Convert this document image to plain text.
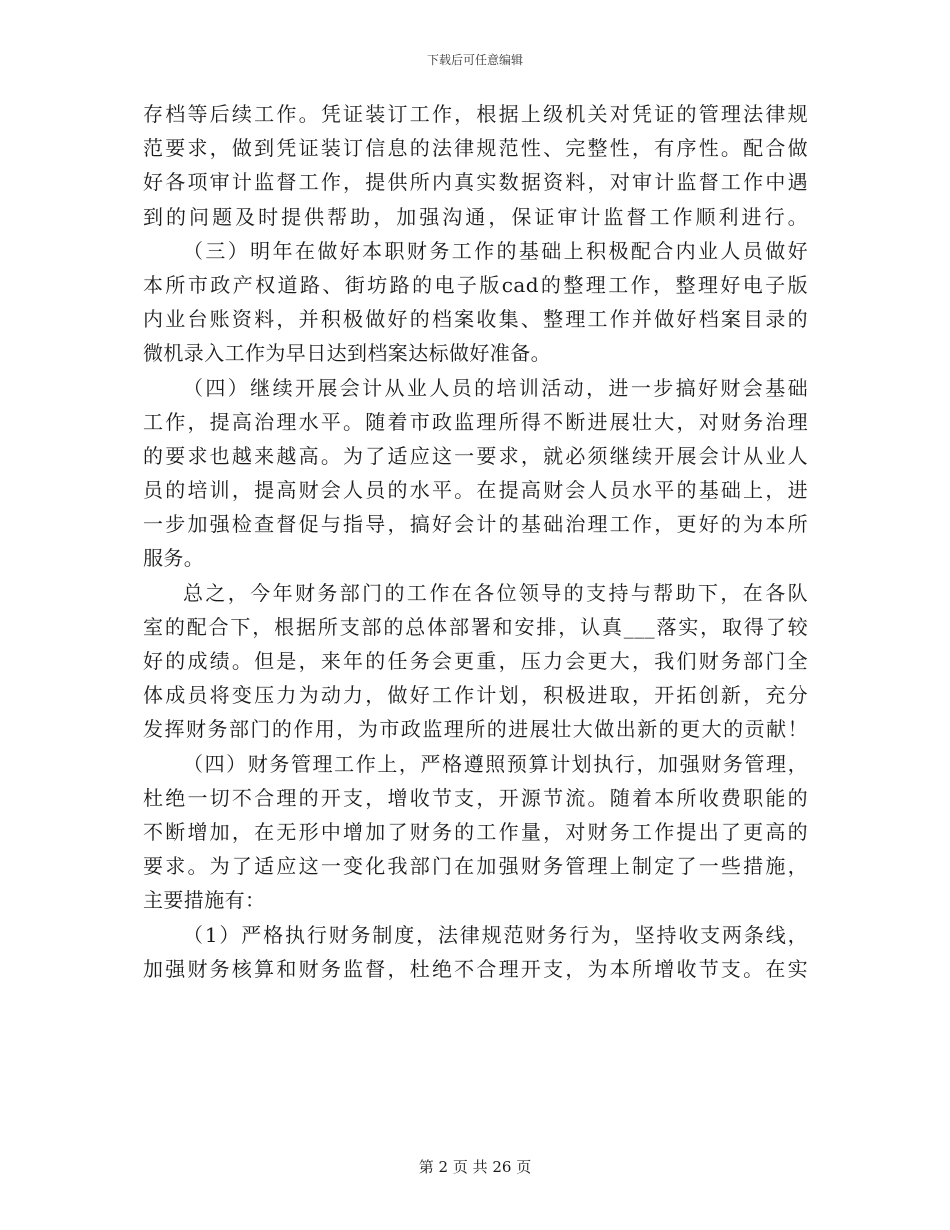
下载后可任意编辑
存档等后续工作。凭证装订工作，根据上级机关对凭证的管理法律规
范要求，做到凭证装订信息的法律规范性、完整性，有序性。配合做
好各项审计监督工作，提供所内真实数据资料，对审计监督工作中遇
到的问题及时提供帮助，加强沟通，保证审计监督工作顺利进行。
（三）明年在做好本职财务工作的基础上积极配合内业人员做好
本所市政产权道路、街坊路的电子版cad的整理工作，整理好电子版
内业台账资料，并积极做好的档案收集、整理工作并做好档案目录的
微机录入工作为早日达到档案达标做好准备。
（四）继续开展会计从业人员的培训活动，进一步搞好财会基础
工作，提高治理水平。随着市政监理所得不断进展壮大，对财务治理
的要求也越来越高。为了适应这一要求，就必须继续开展会计从业人
员的培训，提高财会人员的水平。在提高财会人员水平的基础上，进
一步加强检查督促与指导，搞好会计的基础治理工作，更好的为本所
服务。
总之，今年财务部门的工作在各位领导的支持与帮助下，在各队
室的配合下，根据所支部的总体部署和安排，认真___落实，取得了较
好的成绩。但是，来年的任务会更重，压力会更大，我们财务部门全
体成员将变压力为动力，做好工作计划，积极进取，开拓创新，充分
发挥财务部门的作用，为市政监理所的进展壮大做出新的更大的贡献！
（四）财务管理工作上，严格遵照预算计划执行，加强财务管理，
杜绝一切不合理的开支，增收节支，开源节流。随着本所收费职能的
不断增加，在无形中增加了财务的工作量，对财务工作提出了更高的
要求。为了适应这一变化我部门在加强财务管理上制定了一些措施，
主要措施有：
（1）严格执行财务制度，法律规范财务行为，坚持收支两条线，
加强财务核算和财务监督，杜绝不合理开支，为本所增收节支。在实
第 2 页 共 26 页
